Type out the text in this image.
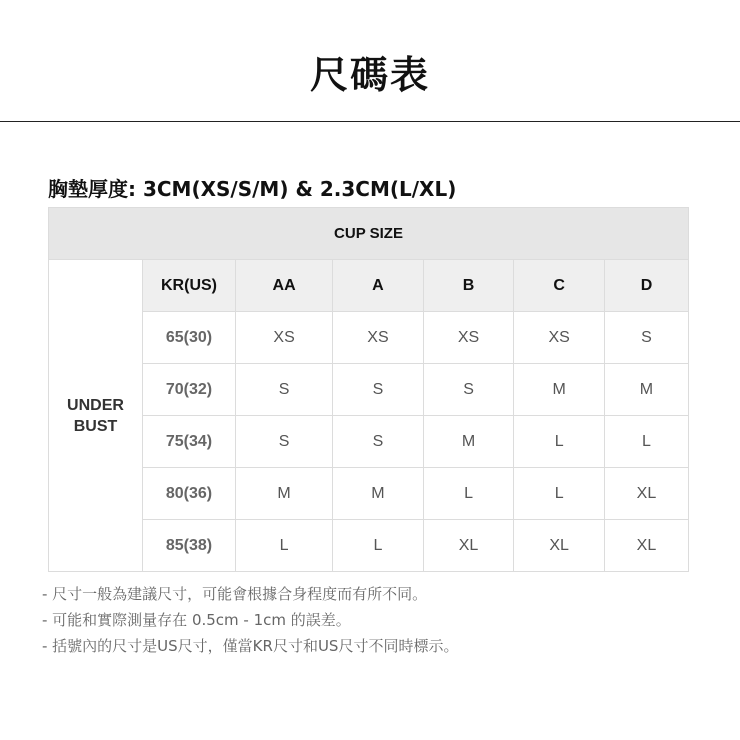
尺碼表
胸墊厚度: 3CM(XS/S/M) & 2.3CM(L/XL)
CUP SIZE						

UNDER
BUST	KR(US)	AA	A	B	C	D
	65(30)	XS	XS	XS	XS	S
	70(32)	S	S	S	M	M
	75(34)	S	S	M	L	L
	80(36)	M	M	L	L	XL
	85(38)	L	L	XL	XL	XL
- 尺寸一般為建議尺寸，可能會根據合身程度而有所不同。
- 可能和實際測量存在 0.5cm - 1cm 的誤差。
- 括號內的尺寸是US尺寸，僅當KR尺寸和US尺寸不同時標示。
